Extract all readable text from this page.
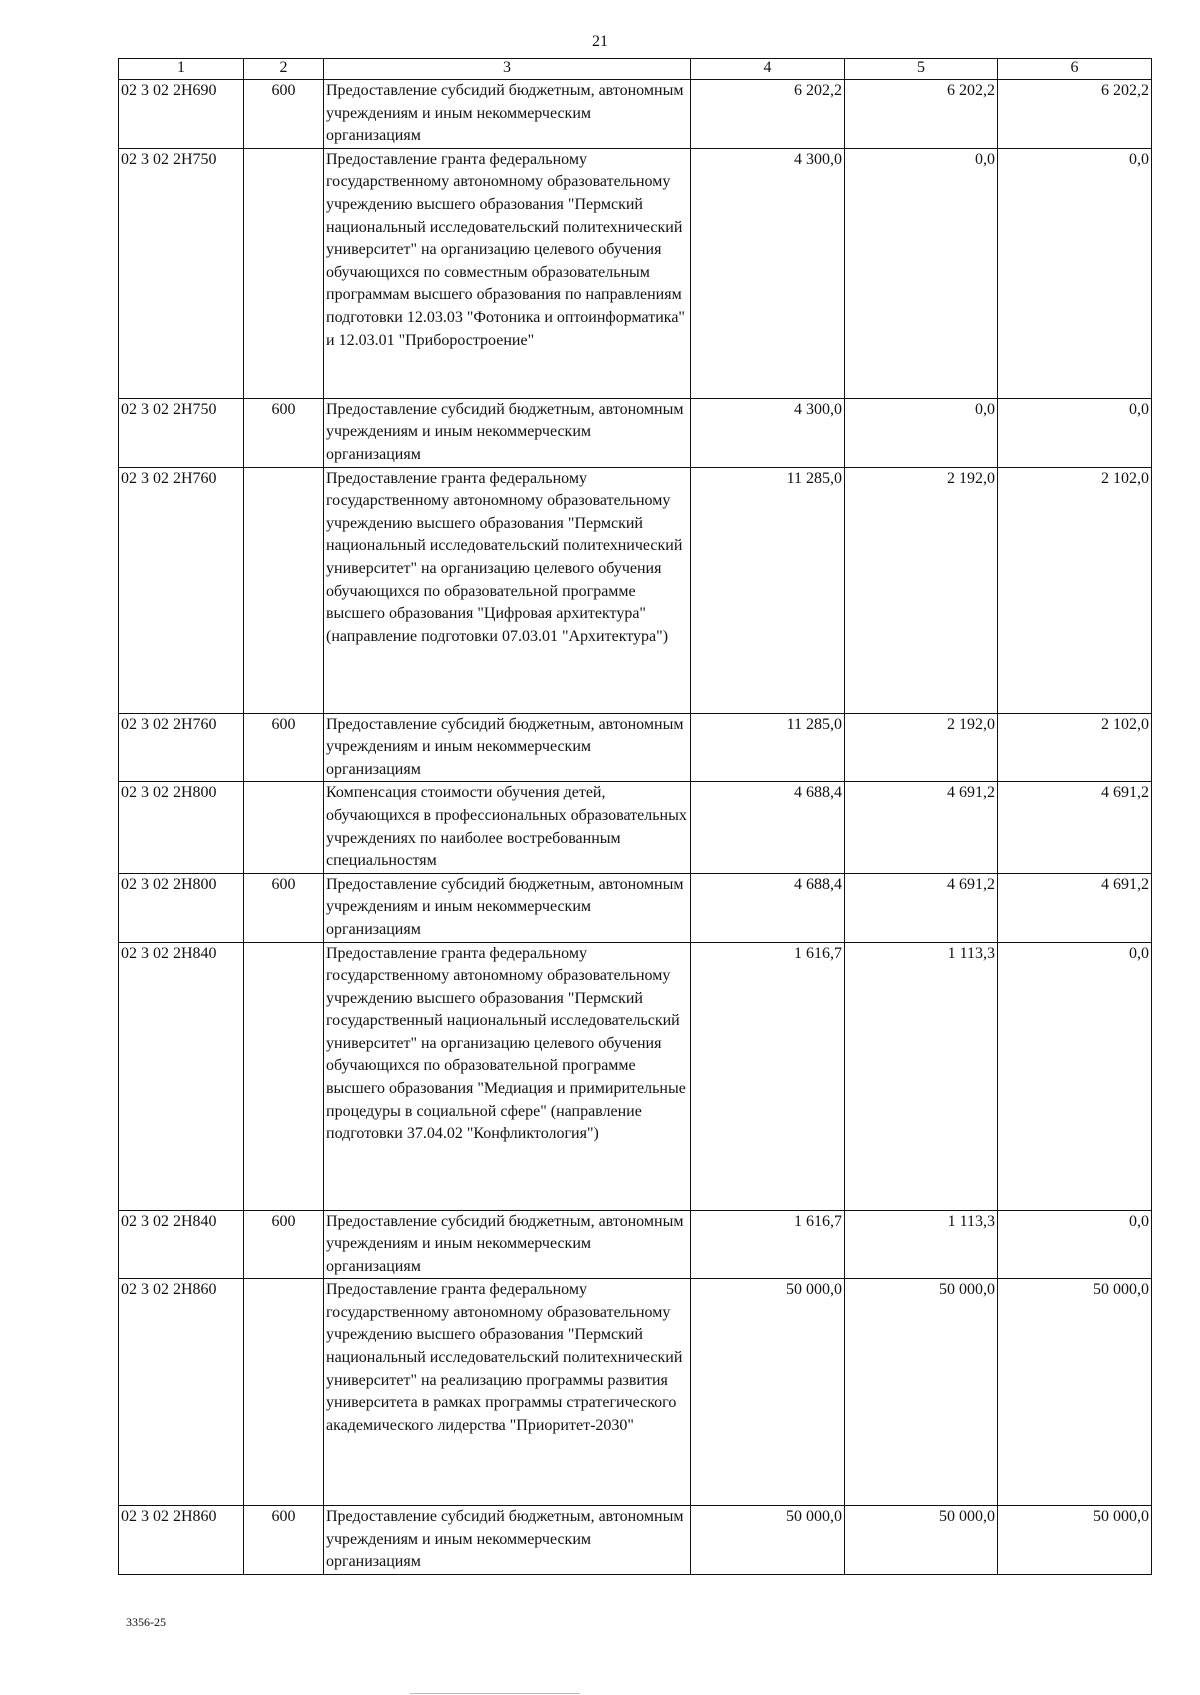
21
1	2	3	4	5	6
02 3 02 2Н690	600	Предоставление субсидий бюджетным, автономным учреждениям и иным некоммерческим организациям	6 202,2	6 202,2	6 202,2
02 3 02 2Н750		Предоставление гранта федеральному государственному автономному образовательному учреждению высшего образования "Пермский национальный исследовательский политехнический университет" на организацию целевого обучения обучающихся по совместным образовательным программам высшего образования по направлениям подготовки 12.03.03 "Фотоника и оптоинформатика" и 12.03.01 "Приборостроение"	4 300,0	0,0	0,0
02 3 02 2Н750	600	Предоставление субсидий бюджетным, автономным учреждениям и иным некоммерческим организациям	4 300,0	0,0	0,0
02 3 02 2Н760		Предоставление гранта федеральному государственному автономному образовательному учреждению высшего образования "Пермский национальный исследовательский политехнический университет" на организацию целевого обучения обучающихся по образовательной программе высшего образования "Цифровая архитектура" (направление подготовки 07.03.01 "Архитектура")	11 285,0	2 192,0	2 102,0
02 3 02 2Н760	600	Предоставление субсидий бюджетным, автономным учреждениям и иным некоммерческим организациям	11 285,0	2 192,0	2 102,0
02 3 02 2Н800		Компенсация стоимости обучения детей, обучающихся в профессиональных образовательных учреждениях по наиболее востребованным специальностям	4 688,4	4 691,2	4 691,2
02 3 02 2Н800	600	Предоставление субсидий бюджетным, автономным учреждениям и иным некоммерческим организациям	4 688,4	4 691,2	4 691,2
02 3 02 2Н840		Предоставление гранта федеральному государственному автономному образовательному учреждению высшего образования "Пермский государственный национальный исследовательский университет" на организацию целевого обучения обучающихся по образовательной программе высшего образования "Медиация и примирительные процедуры в социальной сфере" (направление подготовки 37.04.02 "Конфликтология")	1 616,7	1 113,3	0,0
02 3 02 2Н840	600	Предоставление субсидий бюджетным, автономным учреждениям и иным некоммерческим организациям	1 616,7	1 113,3	0,0
02 3 02 2Н860		Предоставление гранта федеральному государственному автономному образовательному учреждению высшего образования "Пермский национальный исследовательский политехнический университет" на реализацию программы развития университета в рамках программы стратегического академического лидерства "Приоритет-2030"	50 000,0	50 000,0	50 000,0
02 3 02 2Н860	600	Предоставление субсидий бюджетным, автономным учреждениям и иным некоммерческим организациям	50 000,0	50 000,0	50 000,0
3356-25
